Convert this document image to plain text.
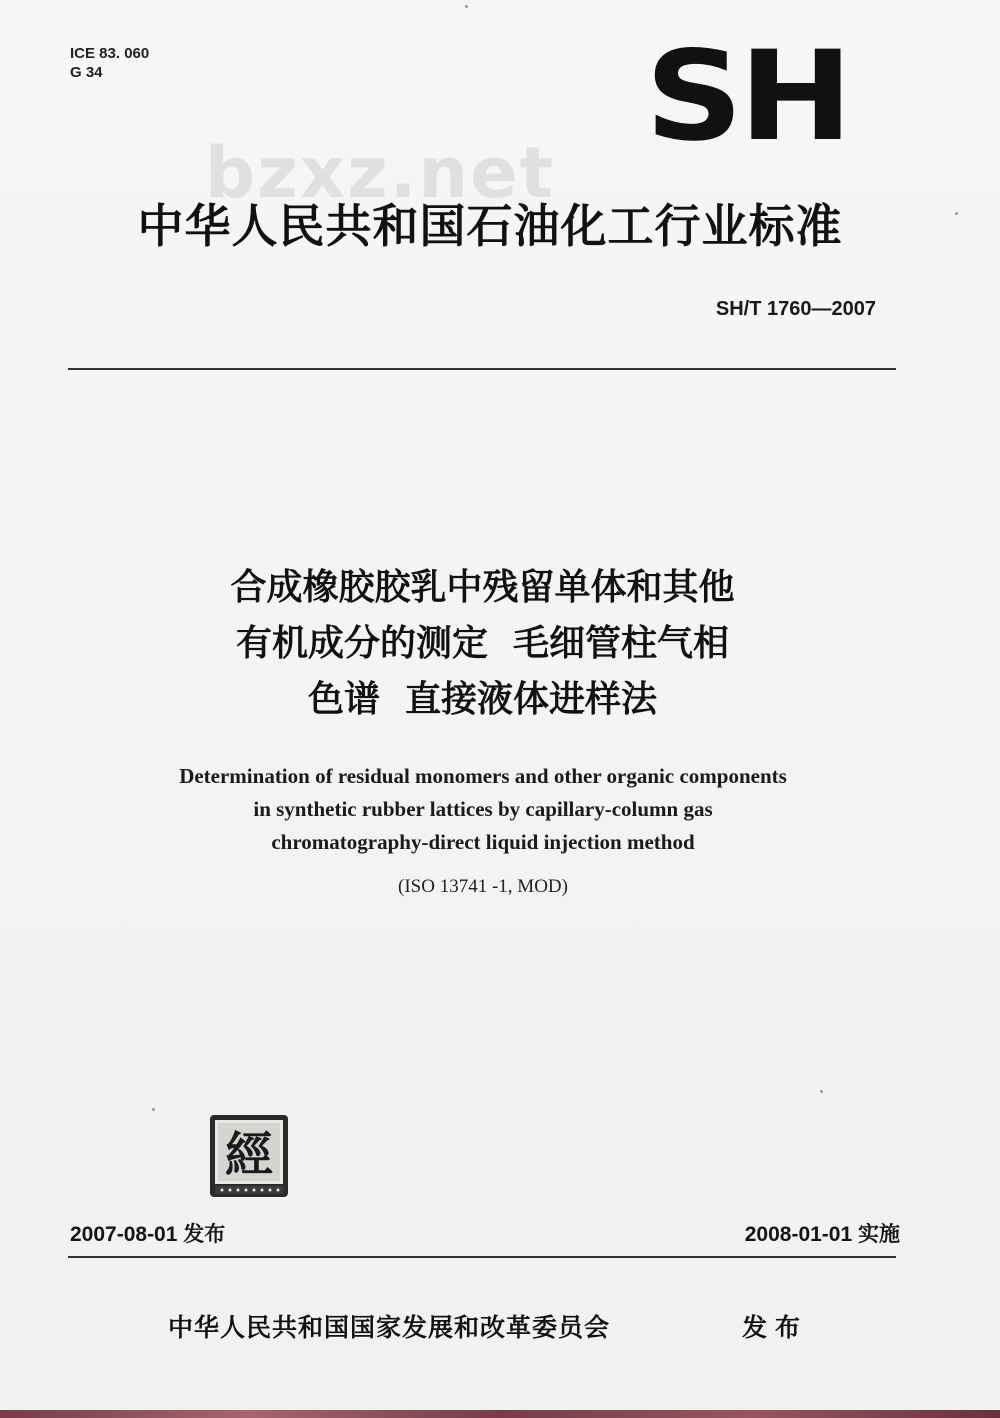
ICE 83. 060
G 34	SH
bzxz.net
中华人民共和国石油化工行业标准
SH/T 1760—2007
合成橡胶胶乳中残留单体和其他
有机成分的测定  毛细管柱气相
色谱  直接液体进样法
Determination of residual monomers and other organic components
in synthetic rubber lattices by capillary-column gas
chromatography-direct liquid injection method
(ISO 13741 -1, MOD)
經
2007-08-01 发布	2008-01-01 实施
中华人民共和国国家发展和改革委员会	发布
